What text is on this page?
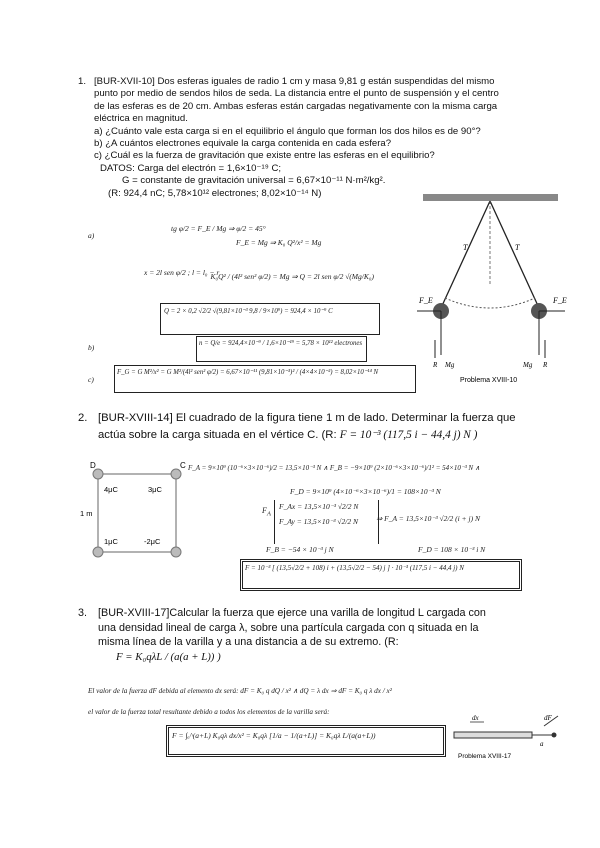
1. [BUR-XVII-10] Dos esferas iguales de radio 1 cm y masa 9,81 g están suspendidas del mismo
punto por medio de sendos hilos de seda. La distancia entre el punto de suspensión y el centro
de las esferas es de 20 cm. Ambas esferas están cargadas negativamente con la misma carga
eléctrica en magnitud.
a) ¿Cuánto vale esta carga si en el equilibrio el ángulo que forman los dos hilos es de 90°?
b) ¿A cuántos electrones equivale la carga contenida en cada esfera?
c) ¿Cuál es la fuerza de gravitación que existe entre las esferas en el equilibrio?
DATOS: Carga del electrón = 1,6×10⁻¹⁹ C;
G = constante de gravitación universal = 6,67×10⁻¹¹ N·m²/kg².
(R: 924,4 nC; 5,78×10¹² electrones; 8,02×10⁻¹⁴ N)
a)
tg φ/2 = F_E / Mg ⇒ φ/2 = 45°
F_E = Mg ⇒ K₀ Q²/x² = Mg
x = 2l sen φ/2 ; l = l₀ − r
K₀Q² / (4l² sen² φ/2) = Mg ⇒ Q = 2l sen φ/2 √(Mg/K₀)
Q = 2 × 0,2 √2/2 √(9,81×10⁻³ 9,8 / 9×10⁹) = 924,4 × 10⁻⁹ C
b)	n = Q/e = 924,4×10⁻⁹ / 1,6×10⁻¹⁹ = 5,78 × 10¹² electrones
c)
F_G = G M²/x² = G M²/(4l² sen² φ/2) = 6,67×10⁻¹¹ (9,81×10⁻³)² / (4×4×10⁻²) = 8,02×10⁻¹⁴ N
F_E	F_E
T	T
R Mg	Mg R
Problema XVIII-10
2. [BUR-XVIII-14] El cuadrado de la figura tiene 1 m de lado. Determinar la fuerza que
actúa sobre la carga situada en el vértice C. (R: F = 10⁻³ (117,5 i − 44,4 j) N )
D	C
4μC	3μC
1μC	-2μC
1 m
F_A = 9×10⁹ (10⁻⁶×3×10⁻⁶)/2 = 13,5×10⁻³ N ∧ F_B = −9×10⁹ (2×10⁻⁶×3×10⁻⁶)/1² = 54×10⁻³ N ∧
F_D = 9×10⁹ (4×10⁻⁶×3×10⁻⁶)/1 = 108×10⁻³ N
$F_A$
F_Ax = 13,5×10⁻³ √2/2 N
F_Ay = 13,5×10⁻³ √2/2 N	⇒ F_A = 13,5×10⁻³ √2/2 (i + j) N
F_B = −54 × 10⁻³ j N	F_D = 108 × 10⁻³ i N
F = 10⁻³ [ (13,5√2/2 + 108) i + (13,5√2/2 − 54) j ] · 10⁻³ (117,5 i − 44,4 j) N
3. [BUR-XVIII-17]Calcular la fuerza que ejerce una varilla de longitud L cargada con
una densidad lineal de carga λ, sobre una partícula cargada con q situada en la
misma línea de la varilla y a una distancia a de su extremo. (R:
F = K₀qλL / (a(a + L)) )
El valor de la fuerza dF debida al elemento dx será: dF = K₀ q dQ / x² ∧ dQ = λ dx ⇒ dF = K₀ q λ dx / x²
el valor de la fuerza total resultante debido a todos los elementos de la varilla será:
F = ∫ₐ^(a+L) K₀qλ dx/x² = K₀qλ [1/a − 1/(a+L)] = K₀qλ L/(a(a+L))
dx	dF
a
Problema XVIII-17
